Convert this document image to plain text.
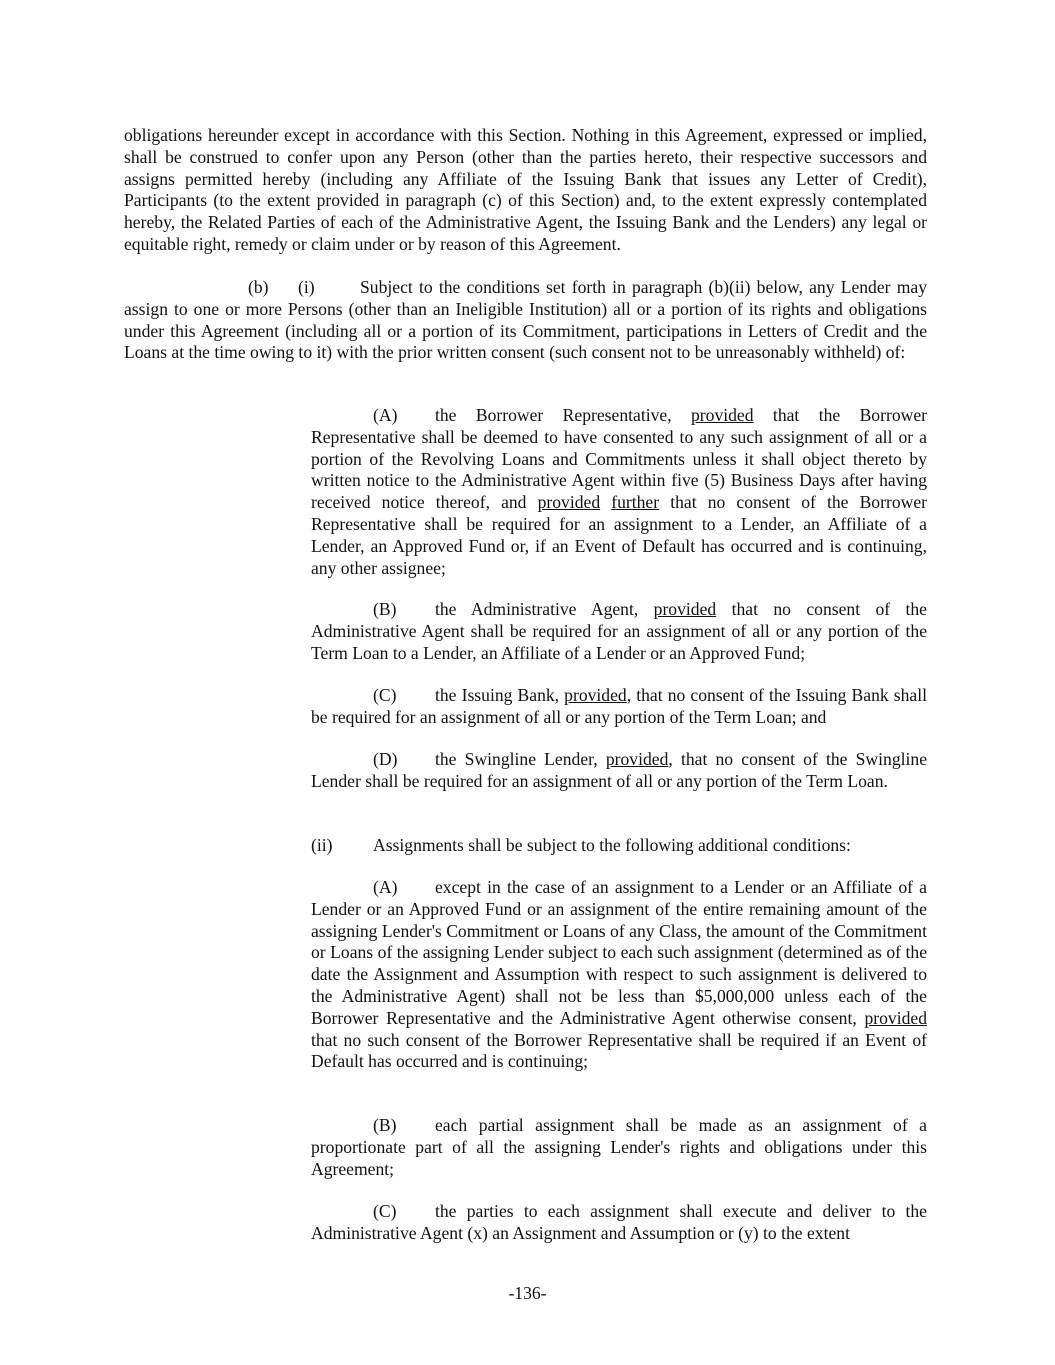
obligations hereunder except in accordance with this Section. Nothing in this Agreement, expressed or implied, shall be construed to confer upon any Person (other than the parties hereto, their respective successors and assigns permitted hereby (including any Affiliate of the Issuing Bank that issues any Letter of Credit), Participants (to the extent provided in paragraph (c) of this Section) and, to the extent expressly contemplated hereby, the Related Parties of each of the Administrative Agent, the Issuing Bank and the Lenders) any legal or equitable right, remedy or claim under or by reason of this Agreement.

(b) (i)	Subject to the conditions set forth in paragraph (b)(ii) below, any Lender may assign to one or more Persons (other than an Ineligible Institution) all or a portion of its rights and obligations under this Agreement (including all or a portion of its Commitment, participations in Letters of Credit and the Loans at the time owing to it) with the prior written consent (such consent not to be unreasonably withheld) of:

(A) the Borrower Representative, provided that the Borrower Representative shall be deemed to have consented to any such assignment of all or a portion of the Revolving Loans and Commitments unless it shall object thereto by written notice to the Administrative Agent within five (5) Business Days after having received notice thereof, and provided further that no consent of the Borrower Representative shall be required for an assignment to a Lender, an Affiliate of a Lender, an Approved Fund or, if an Event of Default has occurred and is continuing, any other assignee;

(B) the Administrative Agent, provided that no consent of the Administrative Agent shall be required for an assignment of all or any portion of the Term Loan to a Lender, an Affiliate of a Lender or an Approved Fund;

(C) the Issuing Bank, provided, that no consent of the Issuing Bank shall be required for an assignment of all or any portion of the Term Loan; and

(D) the Swingline Lender, provided, that no consent of the Swingline Lender shall be required for an assignment of all or any portion of the Term Loan.

(ii) Assignments shall be subject to the following additional conditions:

(A) except in the case of an assignment to a Lender or an Affiliate of a Lender or an Approved Fund or an assignment of the entire remaining amount of the assigning Lender's Commitment or Loans of any Class, the amount of the Commitment or Loans of the assigning Lender subject to each such assignment (determined as of the date the Assignment and Assumption with respect to such assignment is delivered to the Administrative Agent) shall not be less than $5,000,000 unless each of the Borrower Representative and the Administrative Agent otherwise consent, provided that no such consent of the Borrower Representative shall be required if an Event of Default has occurred and is continuing;

(B) each partial assignment shall be made as an assignment of a proportionate part of all the assigning Lender's rights and obligations under this Agreement;

(C) the parties to each assignment shall execute and deliver to the Administrative Agent (x) an Assignment and Assumption or (y) to the extent

-136-
